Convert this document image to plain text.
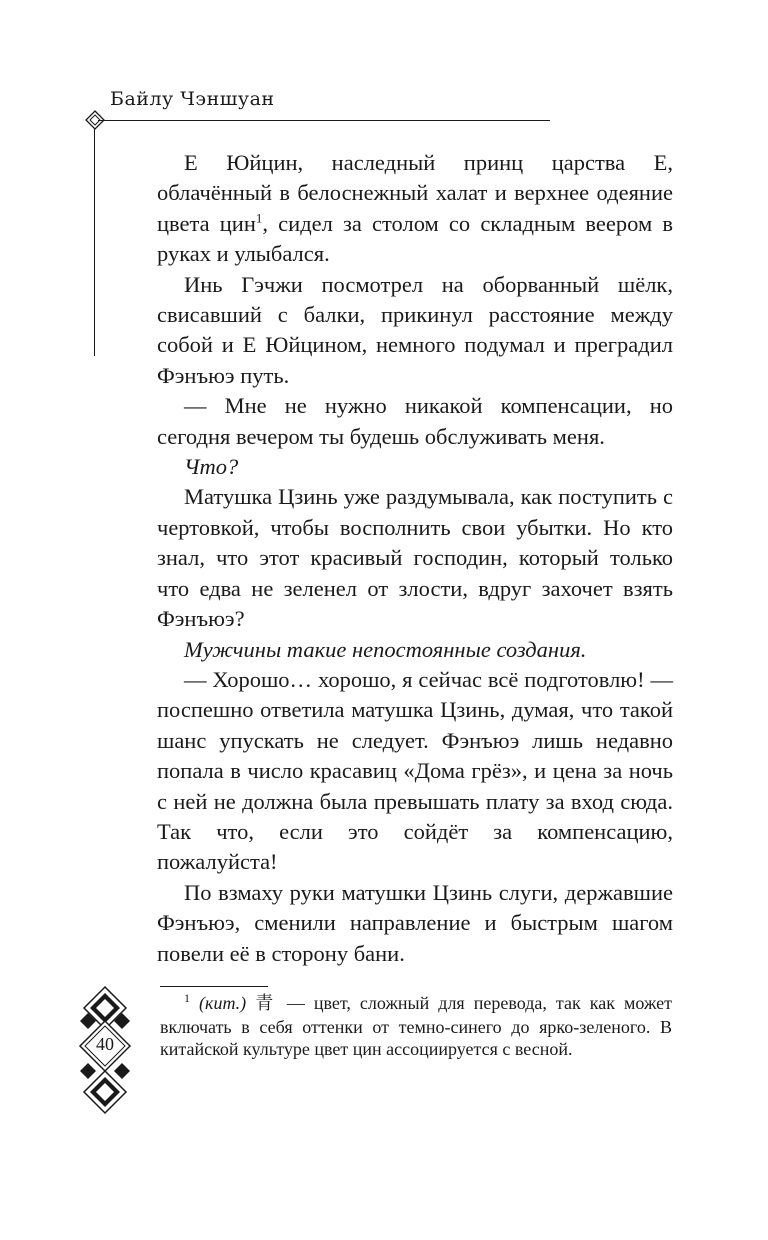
Байлу Чэншуан

Е Юйцин, наследный принц царства Е, облачённый в белоснежный халат и верхнее одеяние цвета цин$^1$, сидел за столом со складным веером в руках и улыбался.

Инь Гэчжи посмотрел на оборванный шёлк, свисавший с балки, прикинул расстояние между собой и Е Юйцином, немного подумал и преградил Фэнъюэ путь.

— Мне не нужно никакой компенсации, но сегодня вечером ты будешь обслуживать меня.

Что?

Матушка Цзинь уже раздумывала, как поступить с чертовкой, чтобы восполнить свои убытки. Но кто знал, что этот красивый господин, который только что едва не зеленел от злости, вдруг захочет взять Фэнъюэ?

Мужчины такие непостоянные создания.

— Хорошо… хорошо, я сейчас всё подготовлю! — поспешно ответила матушка Цзинь, думая, что такой шанс упускать не следует. Фэнъюэ лишь недавно попала в число красавиц «Дома грёз», и цена за ночь с ней не должна была превышать плату за вход сюда. Так что, если это сойдёт за компенсацию, пожалуйста!

По взмаху руки матушки Цзинь слуги, державшие Фэнъюэ, сменили направление и быстрым шагом повели её в сторону бани.

$^1$ (кит.) 青 — цвет, сложный для перевода, так как может включать в себя оттенки от темно-синего до ярко-зеленого. В китайской культуре цвет цин ассоциируется с весной.

40
